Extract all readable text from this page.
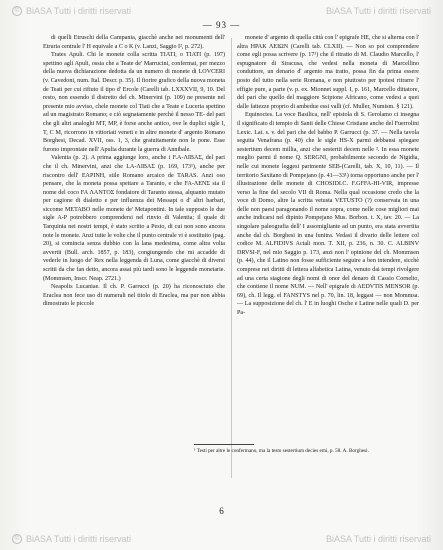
© BiASA Tutti i diritti riservati	BiASA Tutti i diritti riservati
— 93 —

di quelli Etruschi della Campania, giacchè anche nei monumenti dell' Etruria centrale l' H equivale a C o K (v. Lanzi, Saggio I², p. 272).

Trates Apuli. Chi le monete colla scritta TIATI, o ΤΙΑΤΙ (p. 197) spettino agli Apuli, ossia che a Teate de' Marrucini, confermai, per mezzo della nuova dichiarazione dedotta da un numero di monete di LOVCERI (v. Cavedoni, num. Ital. Descr. p. 35). Il fiorire grafico della nuova moneta de Teati per cui rifiuto il tipo d' Ercole (Carelli tab. LXXXVII, 9, 10. Del resto, non essendo il distretto del ch. Minervini (p. 109) ne presente nel presente mio avviso, chele monete col Tiati che a Teate e Luceria spettino ad un magistrato Romano; e ciò segnatamente perchè il nesso TE- del pari che gli altri analoghi MT, MP, è forse anche antico, ove le duplici sigle I, T, C M, ricorrono in vittoriati veneti e in altre monete d' argento Romano Borghesi, Decad. XVII, oss. 1, 3, che gratuitamente non le pone. Esse furono improntate nell' Apulia durante la guerra di Annibale.

Valentia (p. 2). A prima aggiunge loro, anche i F.A-ΛΙΒΑΣ, del pari che il ch. Minervini, anzi che LA-ΛΙΒΑΣ (p. 169, 173¹), anche per riscontro dell' ΕΑΡΙΝΗ, stile Romano arcaico de TARAS. Anzi oso pensare, che la moneta possa spettare a Taranto, e che FA-ΛΕΝΣ sia il nome del coco FA ΛΑΝΤΟΣ fondatore di Taranto stessa, alquanto mutato per cagione di dialetto e per influenza dei Messapi o d' altri barbari, siccome METABO nelle monete de' Metapontini. In tale supposto le due sigle A-P potrebbero comprendersi nel rinvio di Valentia; il quale di Tarquinia nei nostri tempi, è stato scritto a Pesto, di cui non sono ancora note le monete. Anzi tutte le volte che il punto centrale vi è sostituito (pag. 20), si comincia senza dubbio con la lana medesima, come altra volta avvertii (Bull. arch. 1857, p. 183), congiungendo che mi accadde di vederle in luogo de' Rex nella leggenda di Luna, come giacchè di diversi scritti da che fan detto, ancora assai più tardi sono le leggende monetarie. (Mommsen, Inscr. Neap. 2721.)

Neapolis Lucaniae. Il ch. P. Garrucci (p. 20) ha riconosciuto che Eraclea non fece uso di numerali nel titolo di Eraclea, ma pur non abbia dimostrato le piccole

monete d' argento di quella città con l' epigrafe ΗΕ, che si alterna con l' altra ΗΡΑΚ ΛΕΙΩΝ (Carelli tab. CLXII). — Non so poi comprendere come egli possa scrivere (p. 17¹) che il ritratto di M. Claudio Marcello, l' espugnatore di Siracusa, che vedesi nella moneta di Marcellino conduttore, un denario d' argento ma tratto, possa fin da prima essere posto del tutto nella serie Romana, e non piuttosto per ipotesi ritrarre l' effigie pure, a parte (v. p. ex. Mionnet suppl. I, p. 161, Marcello dittatore, del pari che quello del maggiore Scipione Africano, come vedesi a quei dalle fattezze proprio di ambedue essi valli (cf. Muller, Numism. § 121).

Equinoctes. La voce Basilica, nell' epistola di S. Gerolamo ci insegna il significato di tempio di Santi delle Chiese Cristiane anche del Fuerrolini Lexic. Lat. s. v. del pari che del babbo P. Garrucci (p. 37. — Nella tavola seguita Venafrana (p. 40) che le sigle HS-X parmi debbansi spiegare sestertium decem millia, anzi che sestertii decem nelle ². In essa monete meglio parmi il nome Q. SERGNI, probabilmente secondo de Ntgidia, nelle cui monete leggesi parimente SEB-(Carelli, tab. X, 10, 11). — Il territorio Saxitano di Pompejano (p. 41—33¹) torna opportuno anche per l' illustrazione delle monete di CHOSIDI.C. F.GFFA-HI-VIR, impresse verso la fine del secolo VII di Roma. Nella qual occasione credo che la voce di Domo, altre la scritta vetusta VETUSTO (?) conservata in una delle non paesi paragonando il nome sopra, come nelle cose migliori mai anche indicarsi nel dipinto Pompejano Mus. Borbon. t. X, tav. 20. — La singolare paleografia dell' I assomigliante ad un punto, era stata avvertita anche dal ch. Borghesi in una funitra. Vedasi il divario delle lettere col codice M. ALFIDIVS Actali mon. T. XII, p. 236, n. 30. C. ALBINV DRVSI-F, nel mio Saggio p. 173, anzi non l' opinione del ch. Mommsen (p. 44), che il Latino non fosse sufficiente seguire a ben intendere, sicchè comprese nei diritti di lettera alfabetica Latina, venuto dai tempi rivolgere ad una certa stagione degli nomi di onor del denaro di Cassio Cornelio, che contiene il nome NUM. — Nell' epigrafe di AEDVTIS MENSOR (p. 69), ch. Il legg. el FANSTYS nel p. 70, lin. 18, leggasi — non Mommsa. — La supposizione del ch. l' E in luoghi Osche e Latine nelle quali D. per Pa-

¹ Testi per altre le confermano, ma la testo sestertium decies emi, p. 58. A. Borghesi.
6
© BiASA Tutti i diritti riservati	BiASA Tutti i diritti riservati
